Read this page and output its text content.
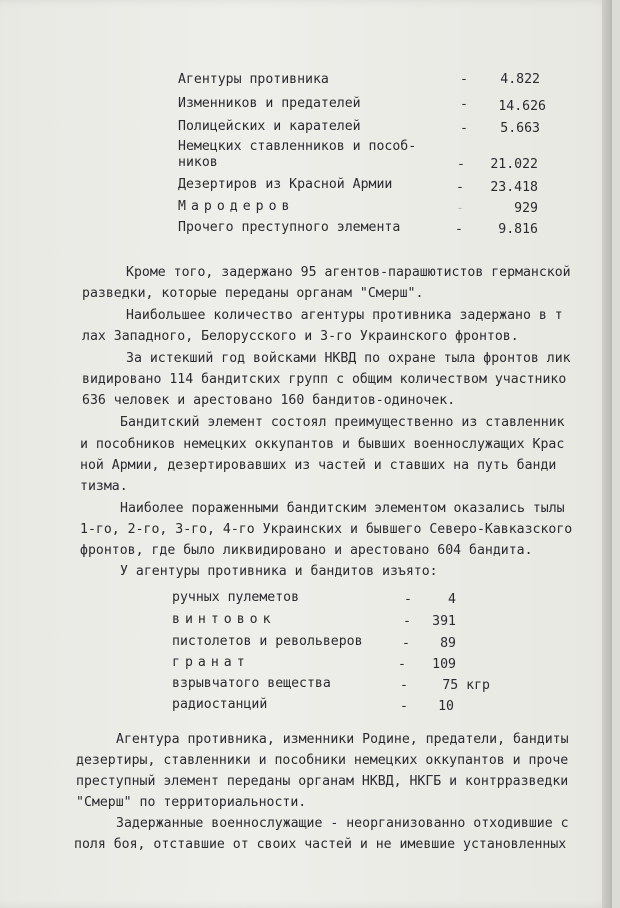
Агентуры противника	-	4.822
Изменников и предателей	-	14.626
Полицейских и карателей	-	5.663
Немецких ставленников и пособ-
ников	-	21.022
Дезертиров из Красной Армии	-	23.418
Мародеров	-	929
Прочего преступного элемента	-	9.816
Кроме того, задержано 95 агентов-парашютистов германской
разведки, которые переданы органам "Смерш".
Наибольшее количество агентуры противника задержано в т
лах Западного, Белорусского и 3-го Украинского фронтов.
За истекший год войсками НКВД по охране тыла фронтов лик
видировано 114 бандитских групп с общим количеством участнико
636 человек и арестовано 160 бандитов-одиночек.
Бандитский элемент состоял преимущественно из ставленник
и пособников немецких оккупантов и бывших военнослужащих Крас
ной Армии, дезертировавших из частей и ставших на путь банди
тизма.
Наиболее пораженными бандитским элементом оказались тылы
1-го, 2-го, 3-го, 4-го Украинских и бывшего Северо-Кавказского
фронтов, где было ликвидировано и арестовано 604 бандита.
У агентуры противника и бандитов изъято:
ручных пулеметов	-	4
винтовок	-	391
пистолетов и револьверов	-	89
гранат	-	109
взрывчатого вещества	-	75 кгр
радиостанций	-	10
Агентура противника, изменники Родине, предатели, бандиты
дезертиры, ставленники и пособники немецких оккупантов и проче
преступный элемент переданы органам НКВД, НКГБ и контрразведки
"Смерш" по территориальности.
Задержанные военнослужащие - неорганизованно отходившие с
поля боя, отставшие от своих частей и не имевшие установленных
